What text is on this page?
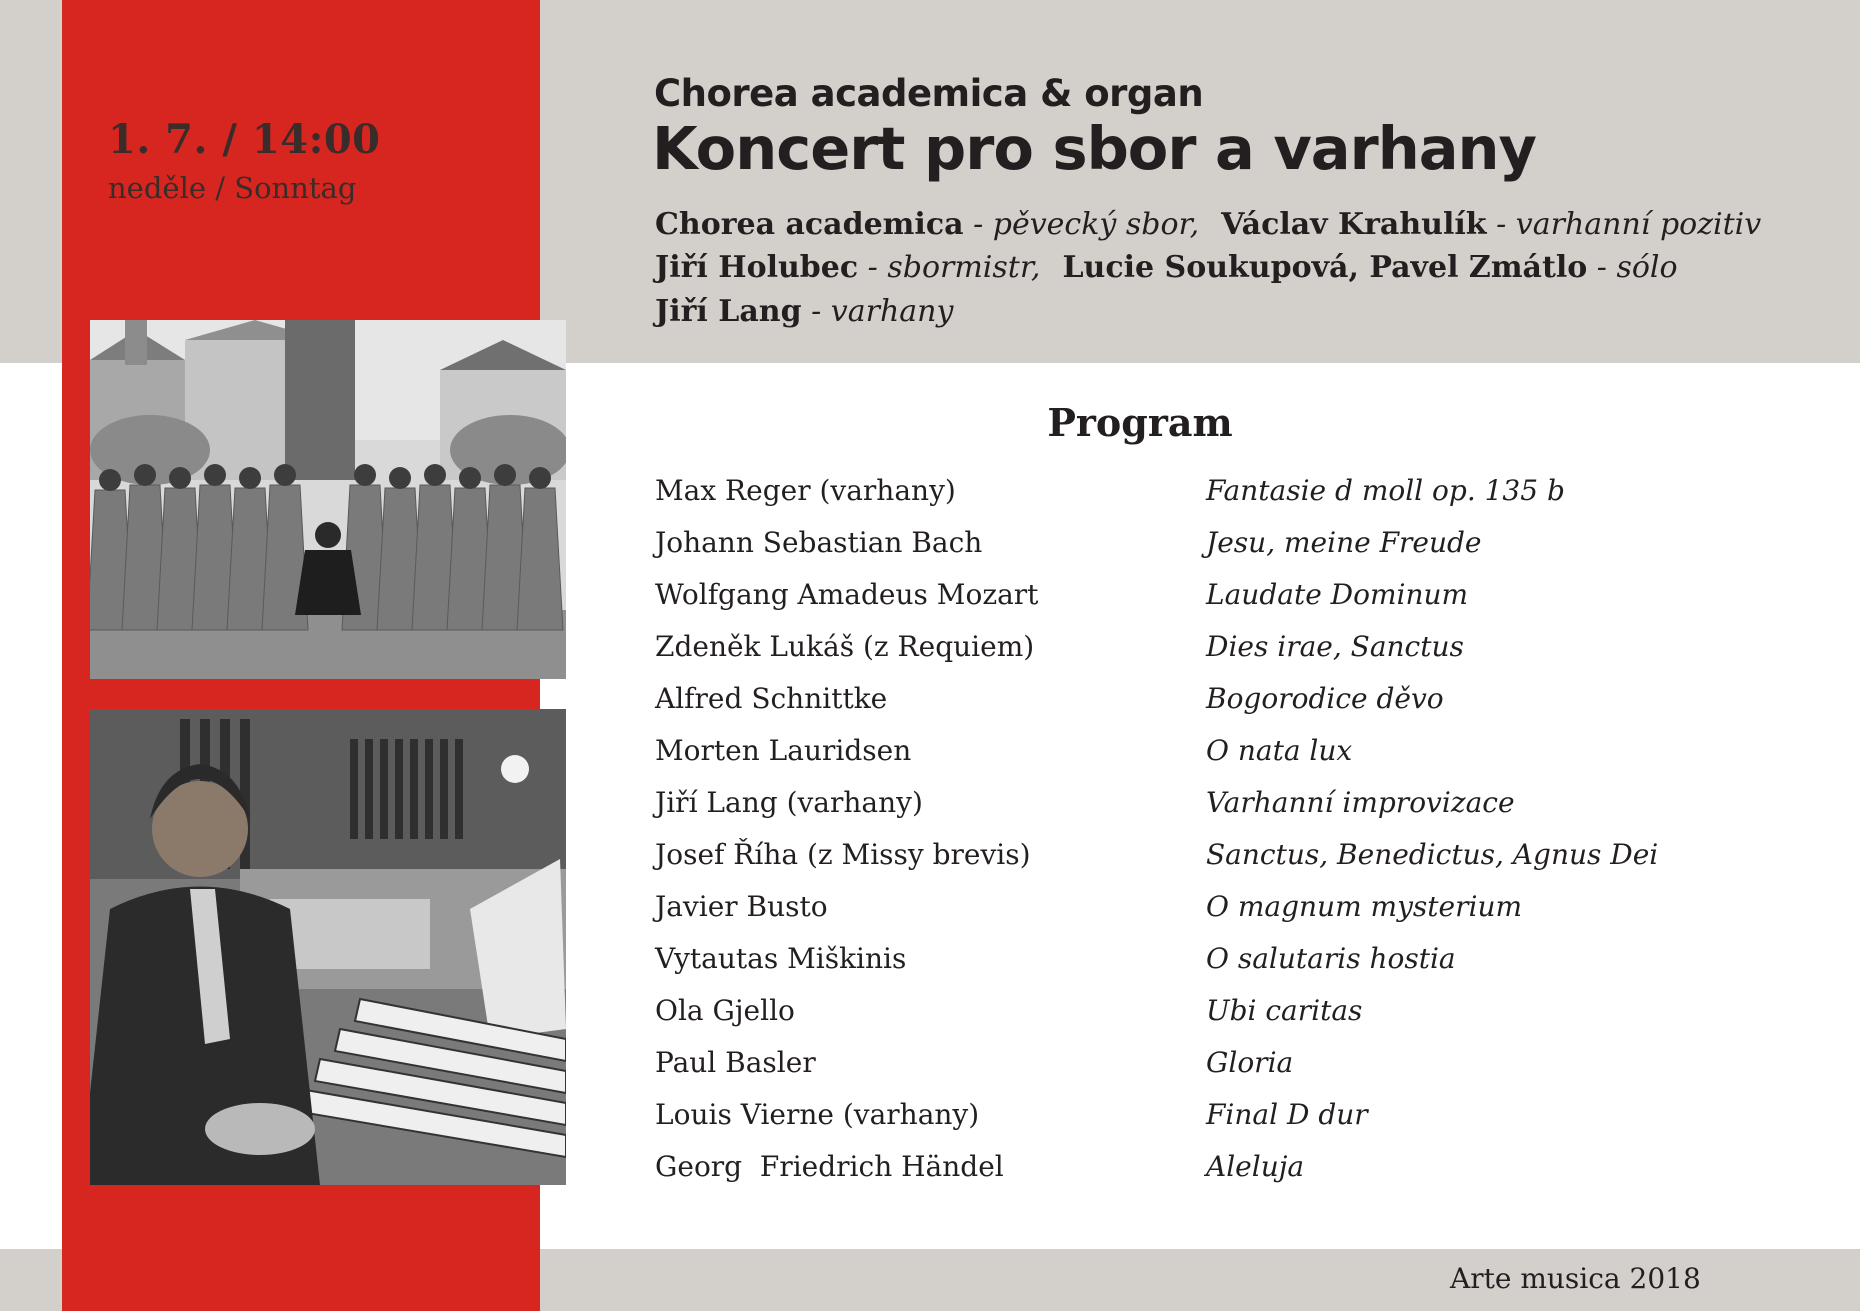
1. 7. / 14:00
neděle / Sonntag
Chorea academica & organ
Koncert pro sbor a varhany
Chorea academica - pěvecký sbor, Václav Krahulík - varhanní pozitiv
Jiří Holubec - sbormistr, Lucie Soukupová, Pavel Zmátlo - sólo
Jiří Lang - varhany
Program
Max Reger (varhany)	Fantasie d moll op. 135 b
Johann Sebastian Bach	Jesu, meine Freude
Wolfgang Amadeus Mozart	Laudate Dominum
Zdeněk Lukáš (z Requiem)	Dies irae, Sanctus
Alfred Schnittke	Bogorodice děvo
Morten Lauridsen	O nata lux
Jiří Lang (varhany)	Varhanní improvizace
Josef Říha (z Missy brevis)	Sanctus, Benedictus, Agnus Dei
Javier Busto	O magnum mysterium
Vytautas Miškinis	O salutaris hostia
Ola Gjello	Ubi caritas
Paul Basler	Gloria
Louis Vierne (varhany)	Final D dur
Georg  Friedrich Händel	Aleluja
Arte musica 2018
